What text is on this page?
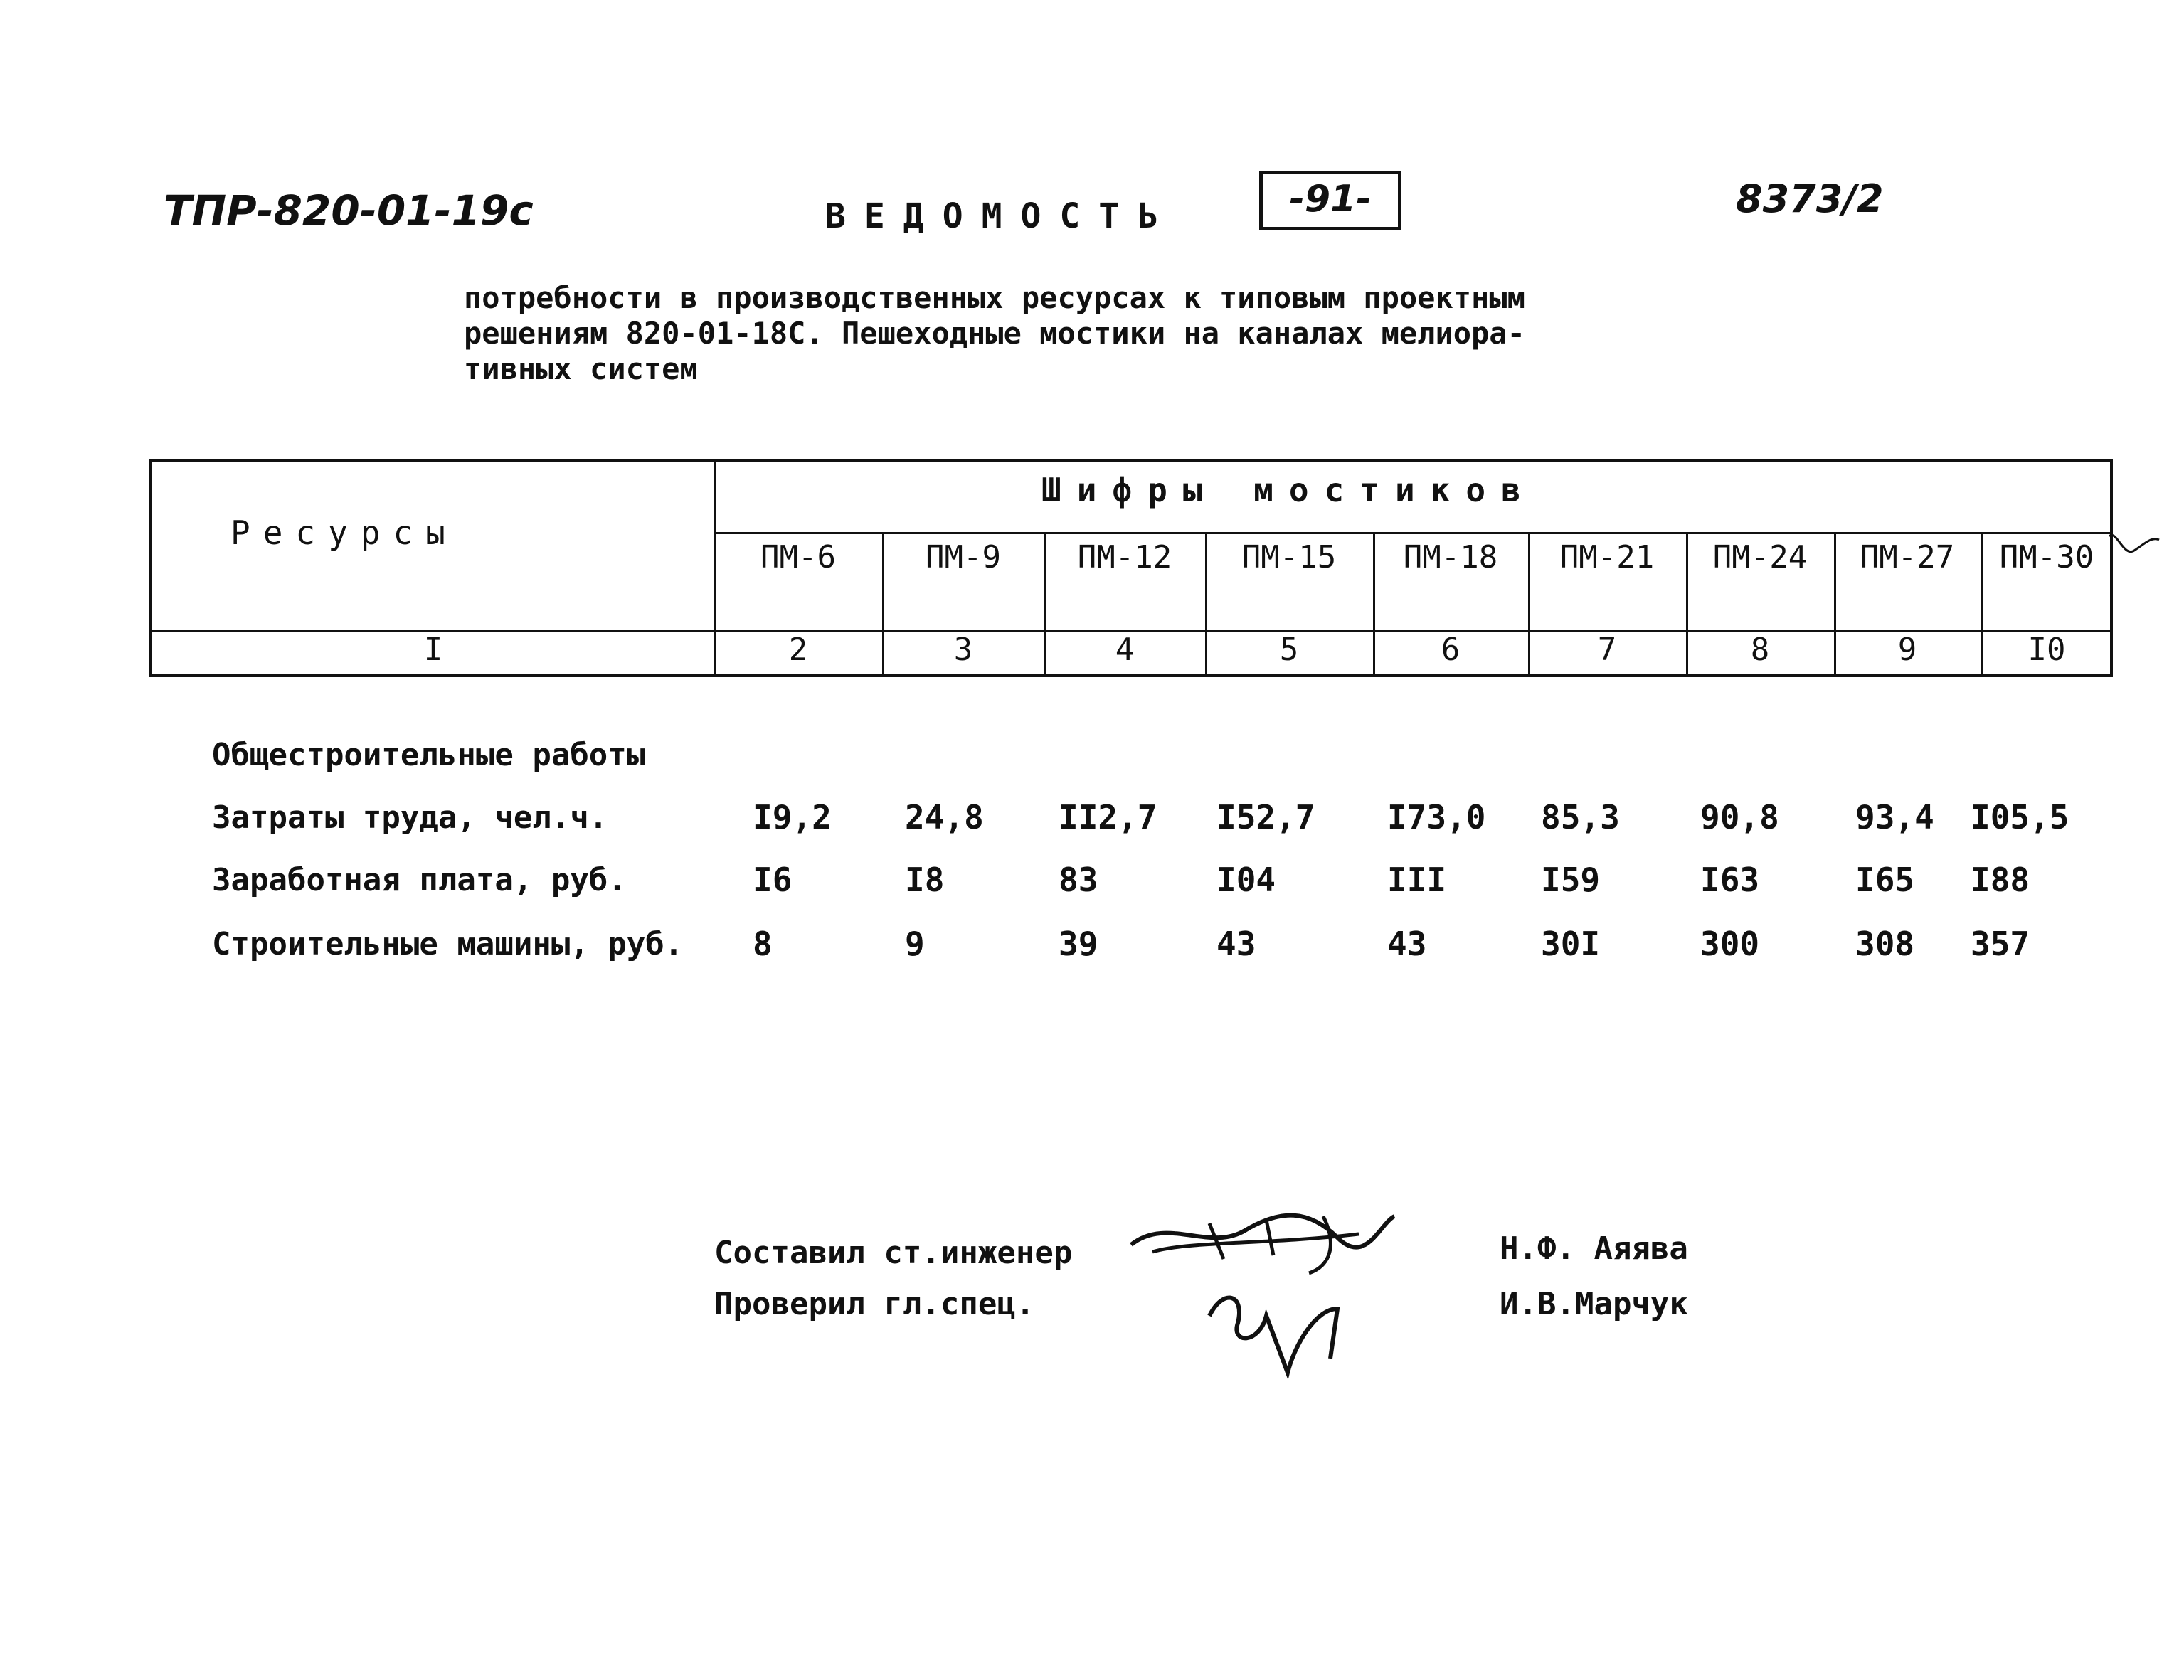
ТПР-820-01-19с	ВЕДОМОСТЬ	-91-	8373/2
потребности в производственных ресурсах к типовым проектным
решениям 820-01-18С. Пешеходные мостики на каналах мелиора-
тивных систем
Ресурсы
Шифры мостиков
ПМ-6	ПМ-9	ПМ-12	ПМ-15	ПМ-18	ПМ-21	ПМ-24	ПМ-27	ПМ-30
I	2	3	4	5	6	7	8	9	I0
Общестроительные работы
Затраты труда, чел.ч.	I9,2 24,8 II2,7 I52,7 I73,0 85,3 90,8 93,4 I05,5
Заработная плата, руб.	I6	I8	83	I04	III	I59	I63	I65 I88
Строительные машины, руб. 8	9	39	43	43	30I	300	308 357
Составил ст.инженер
Проверил гл.спец.
Н.Ф. Аяява
И.В.Марчук
